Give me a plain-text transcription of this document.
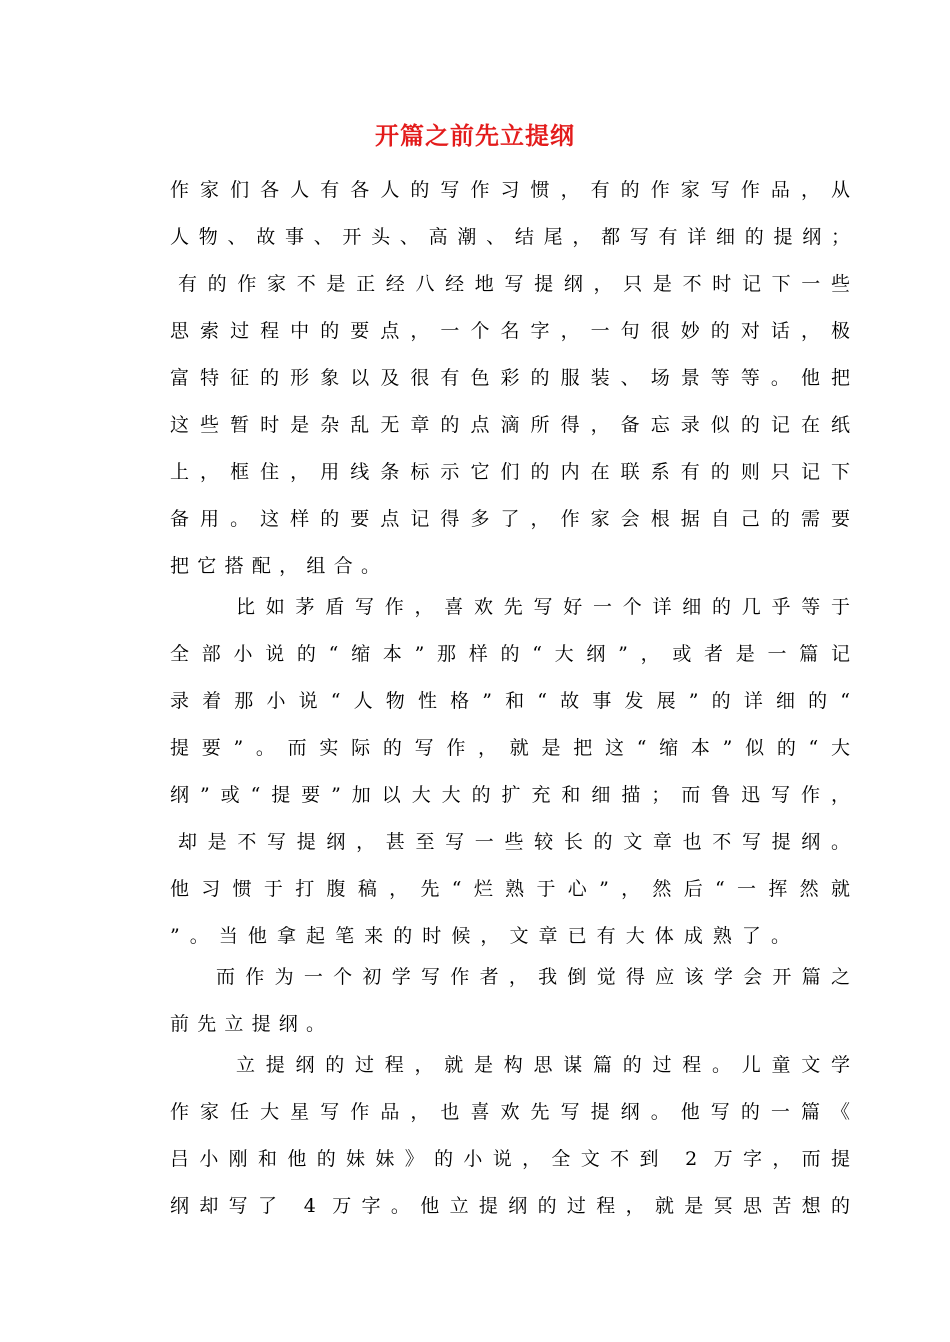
开篇之前先立提纲
作家们各人有各人的写作习惯，有的作家写作品，从
人物、故事、开头、高潮、结尾，都写有详细的提纲；
有的作家不是正经八经地写提纲，只是不时记下一些
思索过程中的要点，一个名字，一句很妙的对话，极
富特征的形象以及很有色彩的服装、场景等等。他把
这些暂时是杂乱无章的点滴所得，备忘录似的记在纸
上，框住，用线条标示它们的内在联系有的则只记下
备用。这样的要点记得多了，作家会根据自己的需要
把它搭配，组合。
比如茅盾写作，喜欢先写好一个详细的几乎等于
全部小说的“缩本”那样的“大纲”，或者是一篇记
录着那小说“人物性格”和“故事发展”的详细的“
提要”。而实际的写作，就是把这“缩本”似的“大
纲”或“提要”加以大大的扩充和细描；而鲁迅写作，
却是不写提纲，甚至写一些较长的文章也不写提纲。
他习惯于打腹稿，先“烂熟于心”，然后“一挥然就
”。当他拿起笔来的时候，文章已有大体成熟了。
而作为一个初学写作者，我倒觉得应该学会开篇之
前先立提纲。
立提纲的过程，就是构思谋篇的过程。儿童文学
作家任大星写作品，也喜欢先写提纲。他写的一篇《
吕小刚和他的妹妹》的小说，全文不到 2 万字，而提
纲却写了 4 万字。他立提纲的过程，就是冥思苦想的
